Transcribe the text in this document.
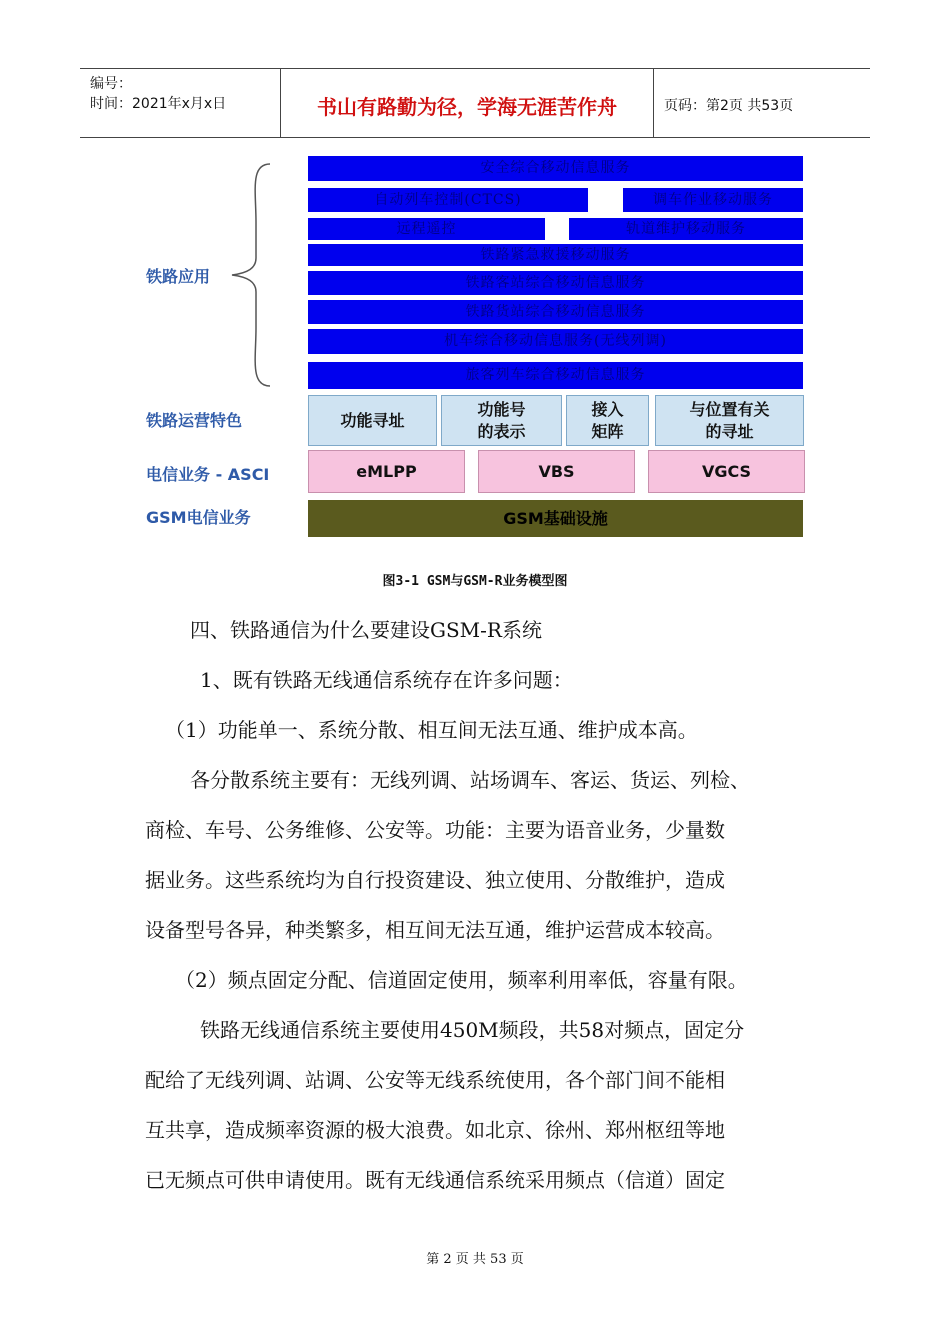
编号：
时间：2021年x月x日	书山有路勤为径，学海无涯苦作舟	页码：第2页 共53页
安全综合移动信息服务
自动列车控制(CTCS)	调车作业移动服务
远程遥控	轨道维护移动服务
铁路紧急救援移动服务
铁路客站综合移动信息服务
铁路货站综合移动信息服务
机车综合移动信息服务(无线列调)
旅客列车综合移动信息服务
功能寻址
功能号
的表示
接入
矩阵
与位置有关
的寻址
eMLPP	VBS	VGCS
GSM基础设施
铁路应用
铁路运营特色
电信业务 - ASCI
GSM电信业务
图3-1 GSM与GSM-R业务模型图
四、铁路通信为什么要建设GSM-R系统
1、既有铁路无线通信系统存在许多问题：
（1）功能单一、系统分散、相互间无法互通、维护成本高。
各分散系统主要有：无线列调、站场调车、客运、货运、列检、
商检、车号、公务维修、公安等。功能：主要为语音业务，少量数
据业务。这些系统均为自行投资建设、独立使用、分散维护，造成
设备型号各异，种类繁多，相互间无法互通，维护运营成本较高。
（2）频点固定分配、信道固定使用，频率利用率低，容量有限。
铁路无线通信系统主要使用450M频段，共58对频点，固定分
配给了无线列调、站调、公安等无线系统使用，各个部门间不能相
互共享，造成频率资源的极大浪费。如北京、徐州、郑州枢纽等地
已无频点可供申请使用。既有无线通信系统采用频点（信道）固定
第 2 页 共 53 页
